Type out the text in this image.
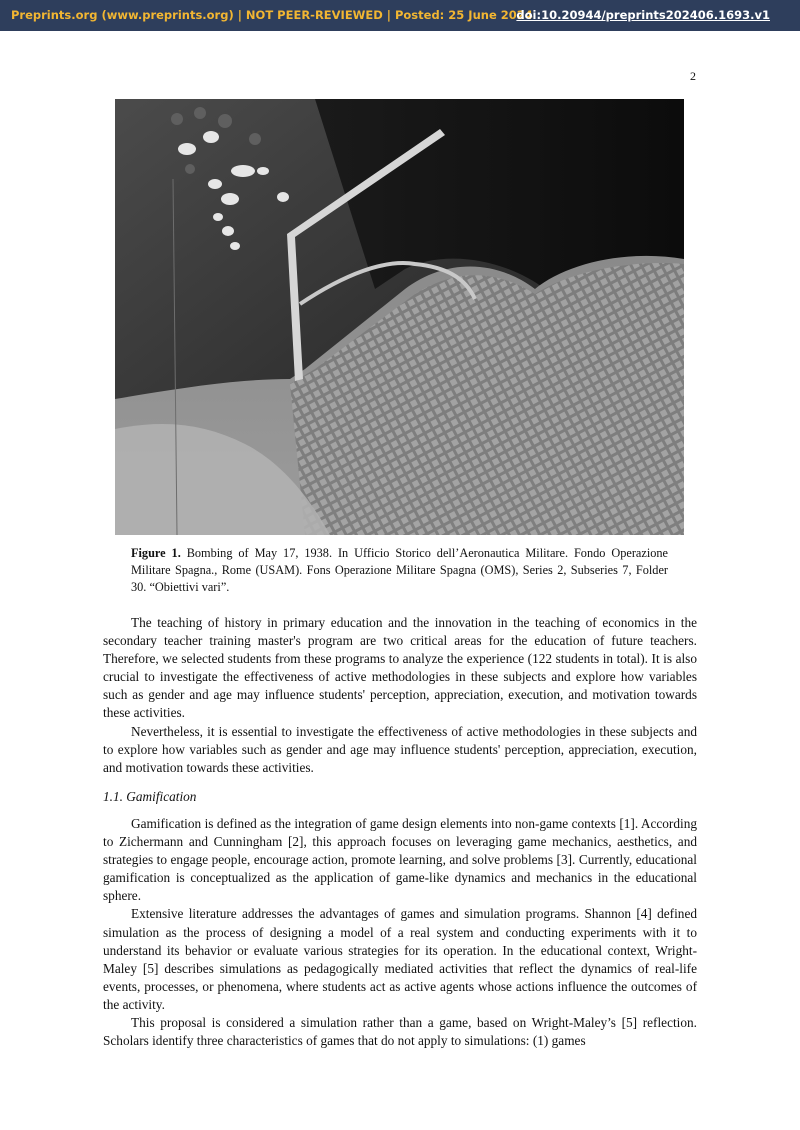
Preprints.org (www.preprints.org) | NOT PEER-REVIEWED | Posted: 25 June 2024
doi:10.20944/preprints202406.1693.v1
2
Figure 1. Bombing of May 17, 1938. In Ufficio Storico dell’Aeronautica Militare. Fondo Operazione Militare Spagna., Rome (USAM). Fons Operazione Militare Spagna (OMS), Series 2, Subseries 7, Folder 30. “Obiettivi vari”.

The teaching of history in primary education and the innovation in the teaching of economics in the secondary teacher training master's program are two critical areas for the education of future teachers. Therefore, we selected students from these programs to analyze the experience (122 students in total). It is also crucial to investigate the effectiveness of active methodologies in these subjects and explore how variables such as gender and age may influence students' perception, appreciation, execution, and motivation towards these activities.

Nevertheless, it is essential to investigate the effectiveness of active methodologies in these subjects and to explore how variables such as gender and age may influence students' perception, appreciation, execution, and motivation towards these activities.

1.1. Gamification

Gamification is defined as the integration of game design elements into non-game contexts [1]. According to Zichermann and Cunningham [2], this approach focuses on leveraging game mechanics, aesthetics, and strategies to engage people, encourage action, promote learning, and solve problems [3]. Currently, educational gamification is conceptualized as the application of game-like dynamics and mechanics in the educational sphere.

Extensive literature addresses the advantages of games and simulation programs. Shannon [4] defined simulation as the process of designing a model of a real system and conducting experiments with it to understand its behavior or evaluate various strategies for its operation. In the educational context, Wright-Maley [5] describes simulations as pedagogically mediated activities that reflect the dynamics of real-life events, processes, or phenomena, where students act as active agents whose actions influence the outcomes of the activity.

This proposal is considered a simulation rather than a game, based on Wright-Maley’s [5] reflection. Scholars identify three characteristics of games that do not apply to simulations: (1) games
